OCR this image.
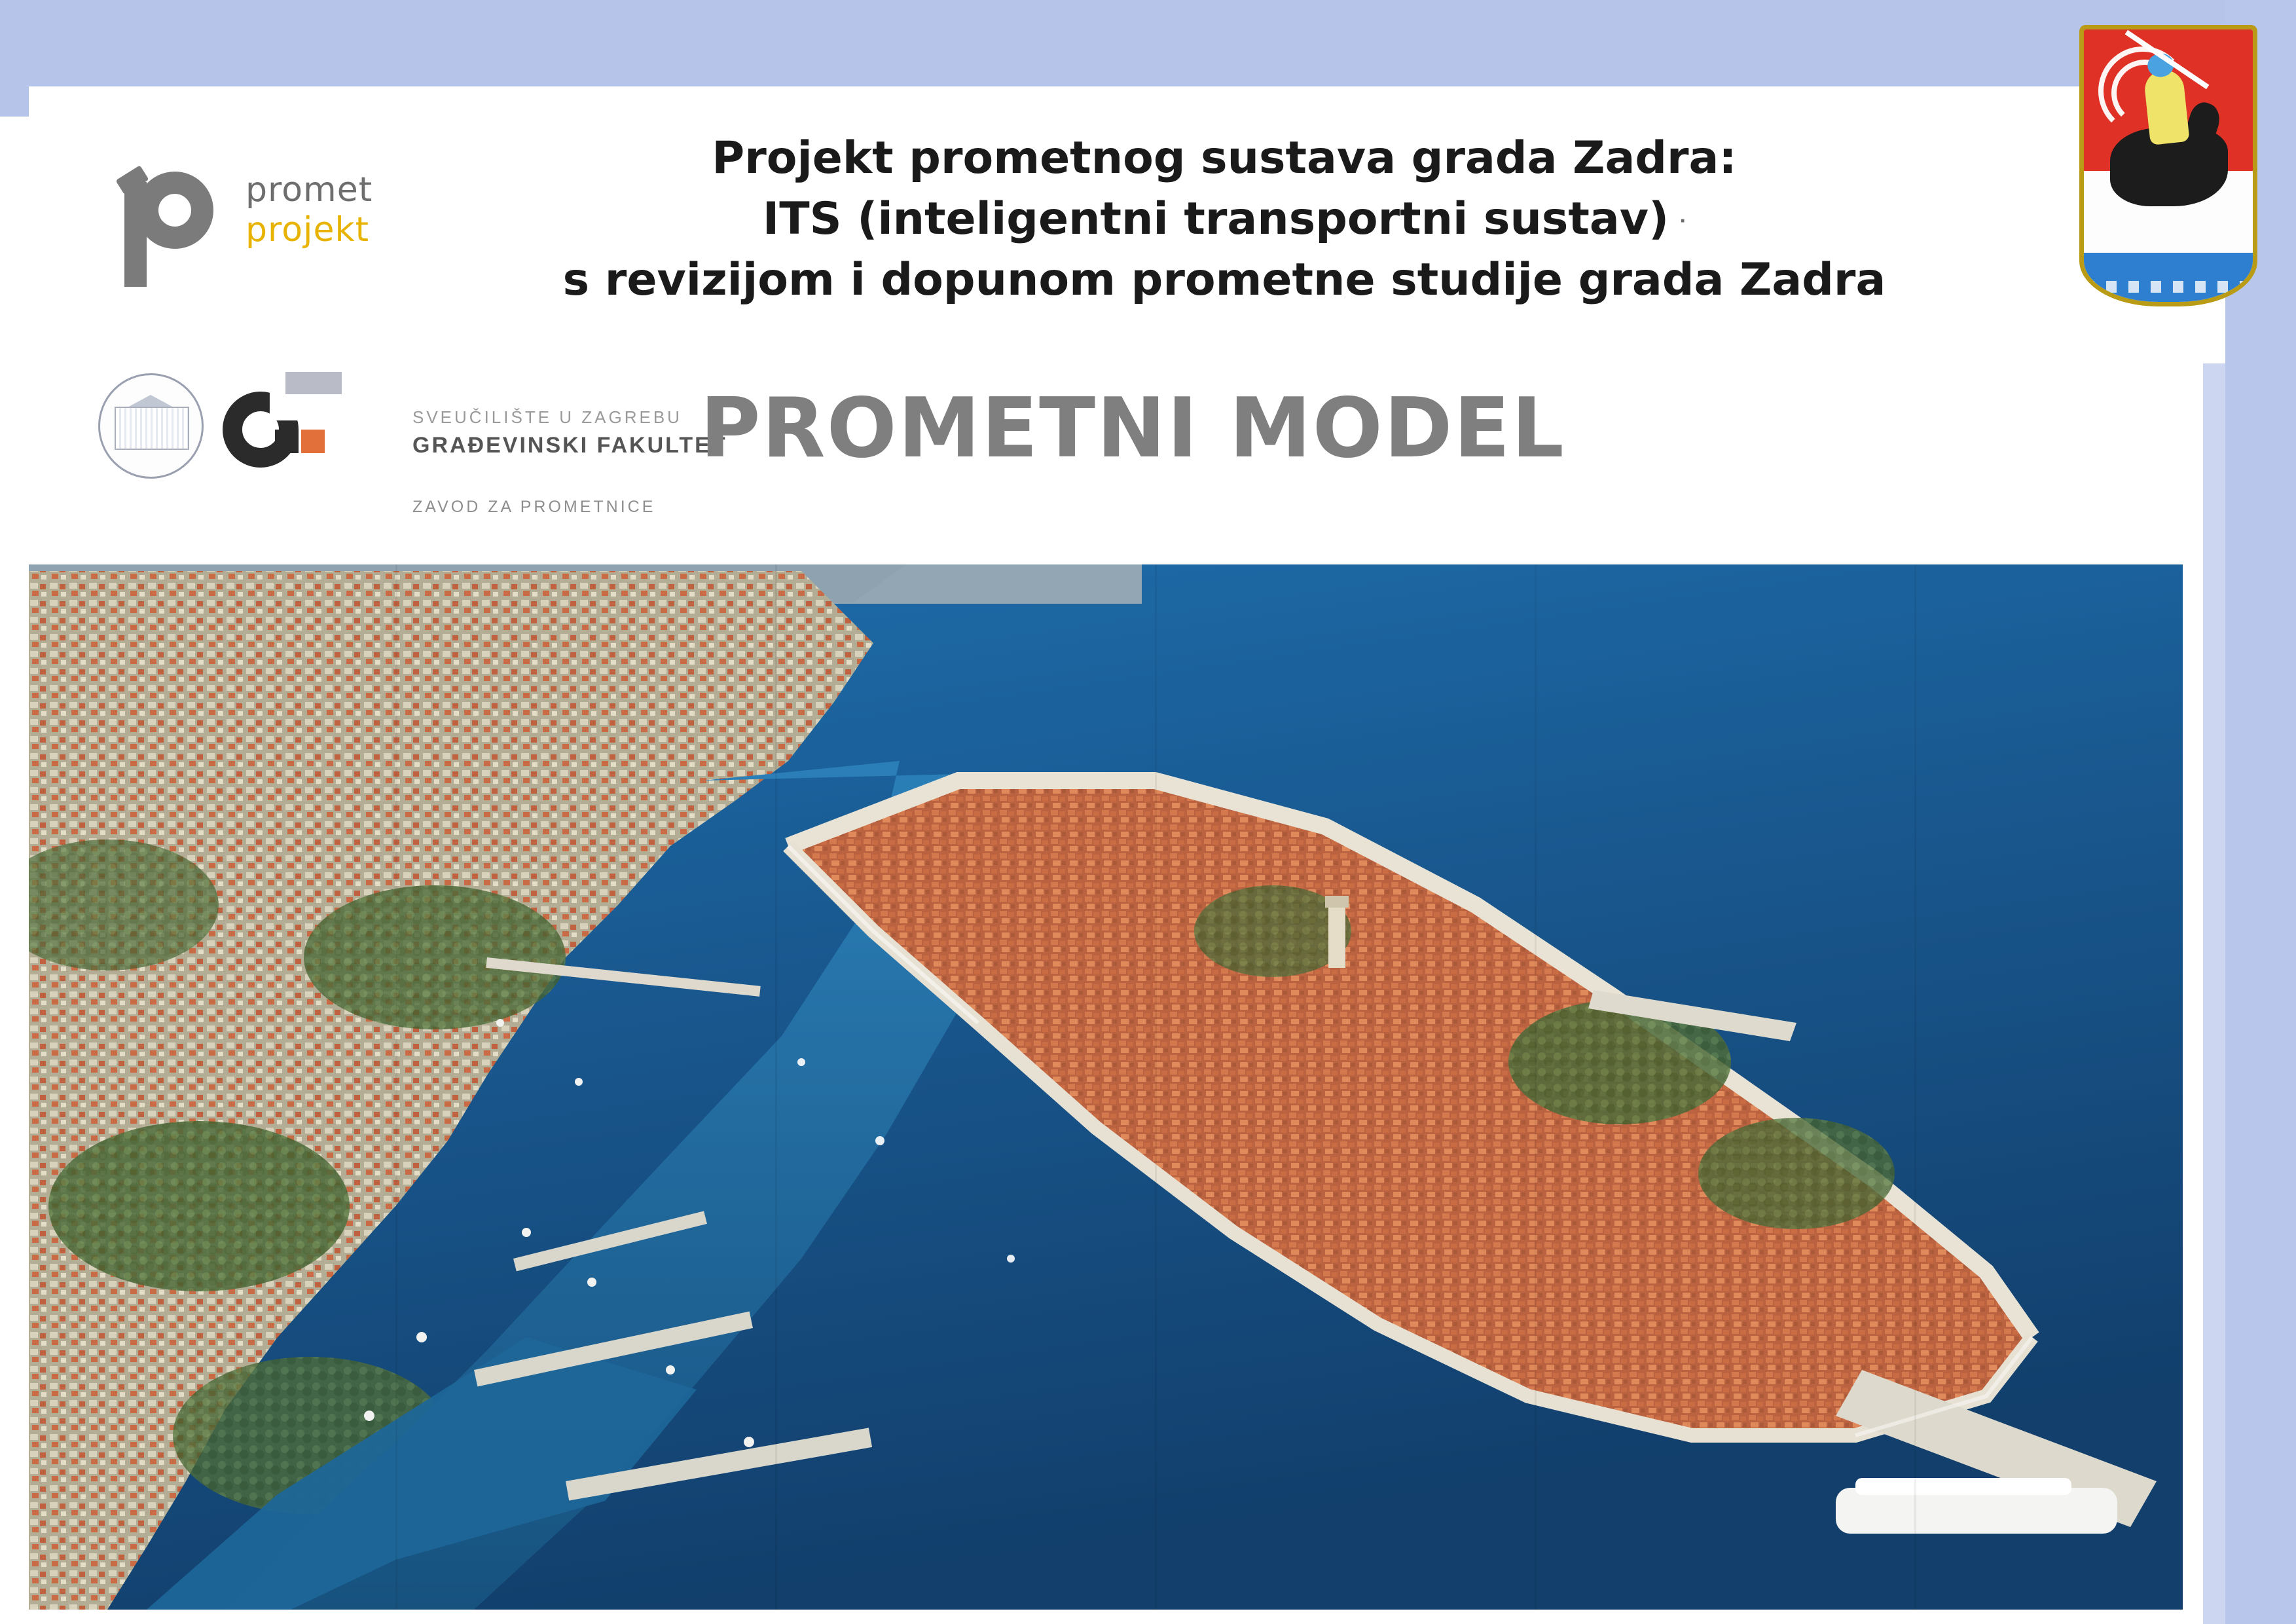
promet
projekt
SVEUČILIŠTE U ZAGREBU
GRAĐEVINSKI FAKULTET
ZAVOD ZA PROMETNICE
Projekt prometnog sustava grada Zadra:
ITS (inteligentni transportni sustav) ·
s revizijom i dopunom prometne studije grada Zadra
PROMETNI MODEL
